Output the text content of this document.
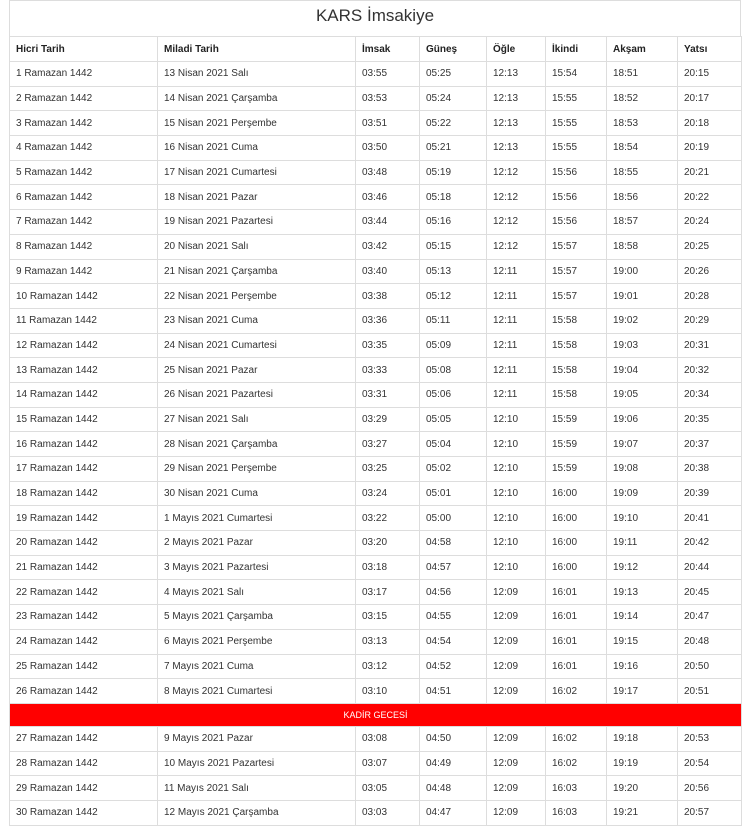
KARS İmsakiye
Hicri Tarih	Miladi Tarih	İmsak	Güneş	Öğle	İkindi	Akşam	Yatsı
1 Ramazan 1442	13 Nisan 2021 Salı	03:55	05:25	12:13	15:54	18:51	20:15
2 Ramazan 1442	14 Nisan 2021 Çarşamba	03:53	05:24	12:13	15:55	18:52	20:17
3 Ramazan 1442	15 Nisan 2021 Perşembe	03:51	05:22	12:13	15:55	18:53	20:18
4 Ramazan 1442	16 Nisan 2021 Cuma	03:50	05:21	12:13	15:55	18:54	20:19
5 Ramazan 1442	17 Nisan 2021 Cumartesi	03:48	05:19	12:12	15:56	18:55	20:21
6 Ramazan 1442	18 Nisan 2021 Pazar	03:46	05:18	12:12	15:56	18:56	20:22
7 Ramazan 1442	19 Nisan 2021 Pazartesi	03:44	05:16	12:12	15:56	18:57	20:24
8 Ramazan 1442	20 Nisan 2021 Salı	03:42	05:15	12:12	15:57	18:58	20:25
9 Ramazan 1442	21 Nisan 2021 Çarşamba	03:40	05:13	12:11	15:57	19:00	20:26
10 Ramazan 1442	22 Nisan 2021 Perşembe	03:38	05:12	12:11	15:57	19:01	20:28
11 Ramazan 1442	23 Nisan 2021 Cuma	03:36	05:11	12:11	15:58	19:02	20:29
12 Ramazan 1442	24 Nisan 2021 Cumartesi	03:35	05:09	12:11	15:58	19:03	20:31
13 Ramazan 1442	25 Nisan 2021 Pazar	03:33	05:08	12:11	15:58	19:04	20:32
14 Ramazan 1442	26 Nisan 2021 Pazartesi	03:31	05:06	12:11	15:58	19:05	20:34
15 Ramazan 1442	27 Nisan 2021 Salı	03:29	05:05	12:10	15:59	19:06	20:35
16 Ramazan 1442	28 Nisan 2021 Çarşamba	03:27	05:04	12:10	15:59	19:07	20:37
17 Ramazan 1442	29 Nisan 2021 Perşembe	03:25	05:02	12:10	15:59	19:08	20:38
18 Ramazan 1442	30 Nisan 2021 Cuma	03:24	05:01	12:10	16:00	19:09	20:39
19 Ramazan 1442	1 Mayıs 2021 Cumartesi	03:22	05:00	12:10	16:00	19:10	20:41
20 Ramazan 1442	2 Mayıs 2021 Pazar	03:20	04:58	12:10	16:00	19:11	20:42
21 Ramazan 1442	3 Mayıs 2021 Pazartesi	03:18	04:57	12:10	16:00	19:12	20:44
22 Ramazan 1442	4 Mayıs 2021 Salı	03:17	04:56	12:09	16:01	19:13	20:45
23 Ramazan 1442	5 Mayıs 2021 Çarşamba	03:15	04:55	12:09	16:01	19:14	20:47
24 Ramazan 1442	6 Mayıs 2021 Perşembe	03:13	04:54	12:09	16:01	19:15	20:48
25 Ramazan 1442	7 Mayıs 2021 Cuma	03:12	04:52	12:09	16:01	19:16	20:50
26 Ramazan 1442	8 Mayıs 2021 Cumartesi	03:10	04:51	12:09	16:02	19:17	20:51
KADİR GECESİ							
27 Ramazan 1442	9 Mayıs 2021 Pazar	03:08	04:50	12:09	16:02	19:18	20:53
28 Ramazan 1442	10 Mayıs 2021 Pazartesi	03:07	04:49	12:09	16:02	19:19	20:54
29 Ramazan 1442	11 Mayıs 2021 Salı	03:05	04:48	12:09	16:03	19:20	20:56
30 Ramazan 1442	12 Mayıs 2021 Çarşamba	03:03	04:47	12:09	16:03	19:21	20:57
